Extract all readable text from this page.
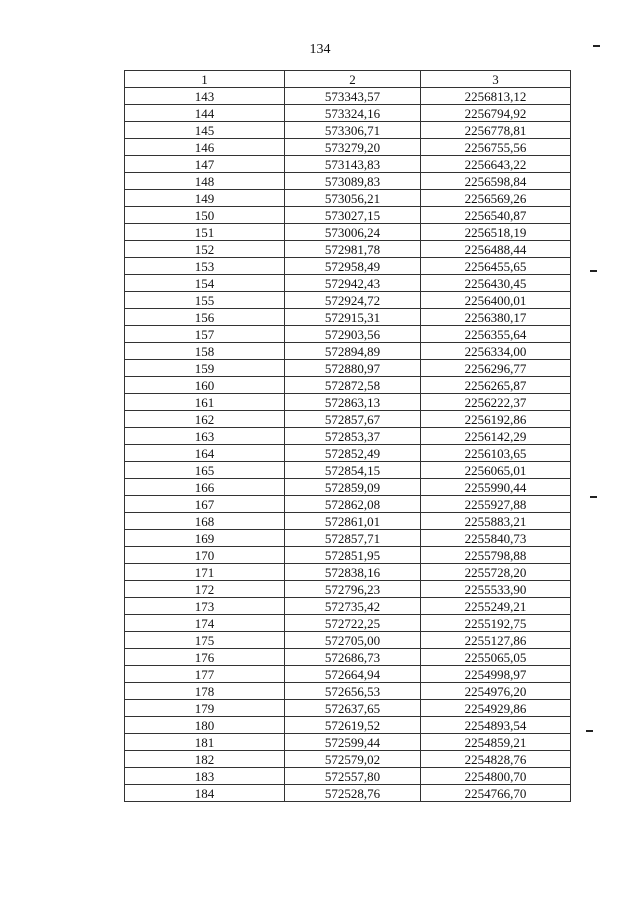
134
1	2	3
143	573343,57	2256813,12
144	573324,16	2256794,92
145	573306,71	2256778,81
146	573279,20	2256755,56
147	573143,83	2256643,22
148	573089,83	2256598,84
149	573056,21	2256569,26
150	573027,15	2256540,87
151	573006,24	2256518,19
152	572981,78	2256488,44
153	572958,49	2256455,65
154	572942,43	2256430,45
155	572924,72	2256400,01
156	572915,31	2256380,17
157	572903,56	2256355,64
158	572894,89	2256334,00
159	572880,97	2256296,77
160	572872,58	2256265,87
161	572863,13	2256222,37
162	572857,67	2256192,86
163	572853,37	2256142,29
164	572852,49	2256103,65
165	572854,15	2256065,01
166	572859,09	2255990,44
167	572862,08	2255927,88
168	572861,01	2255883,21
169	572857,71	2255840,73
170	572851,95	2255798,88
171	572838,16	2255728,20
172	572796,23	2255533,90
173	572735,42	2255249,21
174	572722,25	2255192,75
175	572705,00	2255127,86
176	572686,73	2255065,05
177	572664,94	2254998,97
178	572656,53	2254976,20
179	572637,65	2254929,86
180	572619,52	2254893,54
181	572599,44	2254859,21
182	572579,02	2254828,76
183	572557,80	2254800,70
184	572528,76	2254766,70
